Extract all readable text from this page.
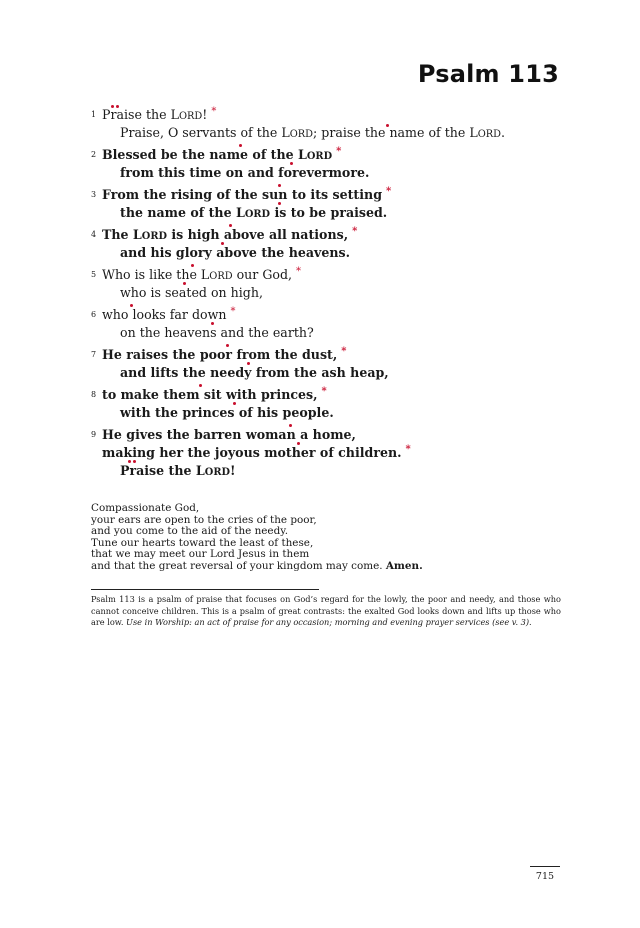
Psalm 113
1 Praise the LORD! *
Praise, O servants of the LORD; praise the name of the LORD.
2 Blessed be the name of the LORD *
from this time on and forevermore.
3 From the rising of the sun to its setting *
the name of the LORD is to be praised.
4 The LORD is high above all nations, *
and his glory above the heavens.
5 Who is like the LORD our God, *
who is seated on high,
6 who looks far down *
on the heavens and the earth?
7 He raises the poor from the dust, *
and lifts the needy from the ash heap,
8 to make them sit with princes, *
with the princes of his people.
9 He gives the barren woman a home,
making her the joyous mother of children. *
Praise the LORD!
Compassionate God,
your ears are open to the cries of the poor,
and you come to the aid of the needy.
Tune our hearts toward the least of these,
that we may meet our Lord Jesus in them
and that the great reversal of your kingdom may come. Amen.
Psalm 113 is a psalm of praise that focuses on God’s regard for the lowly, the poor and needy, and those who cannot conceive children. This is a psalm of great contrasts: the exalted God looks down and lifts up those who are low. Use in Worship: an act of praise for any occasion; morning and evening prayer services (see v. 3).
715
